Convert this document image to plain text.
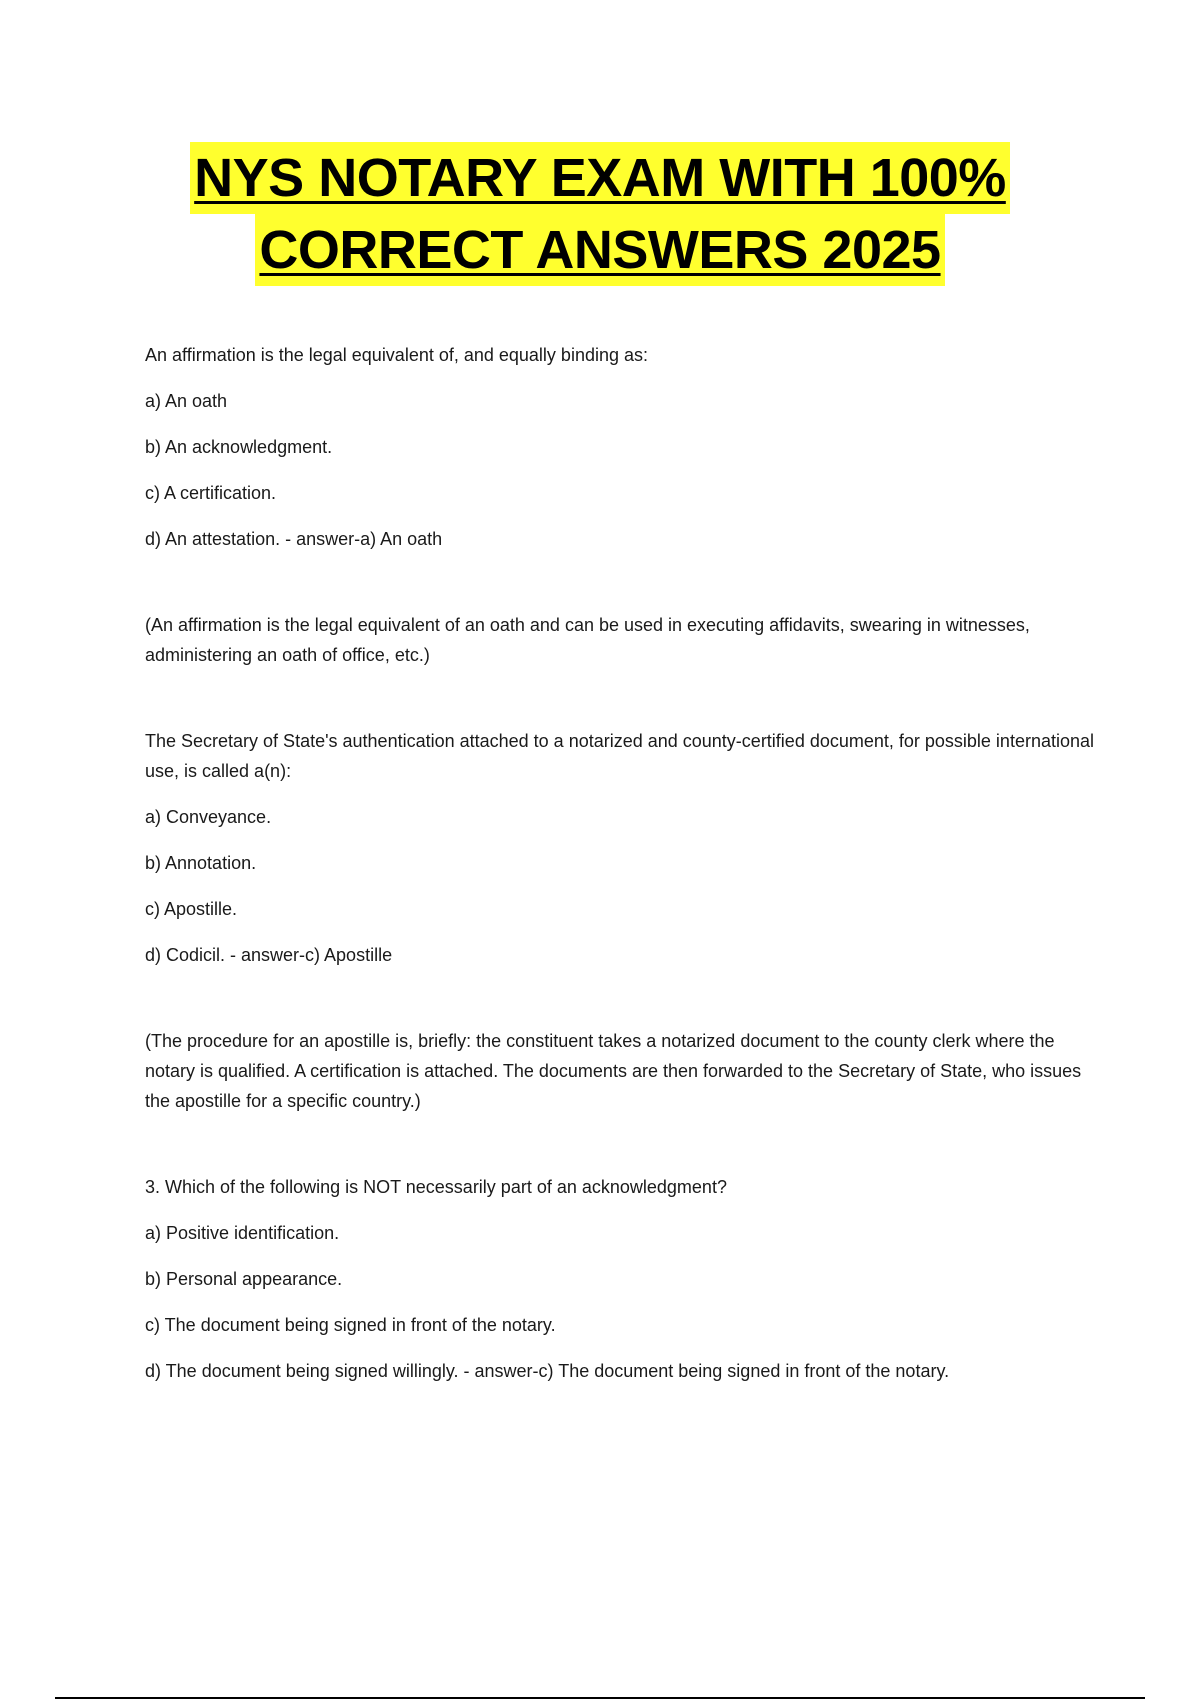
NYS NOTARY EXAM WITH 100%
CORRECT ANSWERS 2025

An affirmation is the legal equivalent of, and equally binding as:

a) An oath

b) An acknowledgment.

c) A certification.

d) An attestation. - answer-a) An oath

(An affirmation is the legal equivalent of an oath and can be used in executing affidavits, swearing in witnesses, administering an oath of office, etc.)

The Secretary of State's authentication attached to a notarized and county-certified document, for possible international use, is called a(n):

a) Conveyance.

b) Annotation.

c) Apostille.

d) Codicil. - answer-c) Apostille

(The procedure for an apostille is, briefly: the constituent takes a notarized document to the county clerk where the notary is qualified. A certification is attached. The documents are then forwarded to the Secretary of State, who issues the apostille for a specific country.)

3. Which of the following is NOT necessarily part of an acknowledgment?

a) Positive identification.

b) Personal appearance.

c) The document being signed in front of the notary.

d) The document being signed willingly. - answer-c) The document being signed in front of the notary.
